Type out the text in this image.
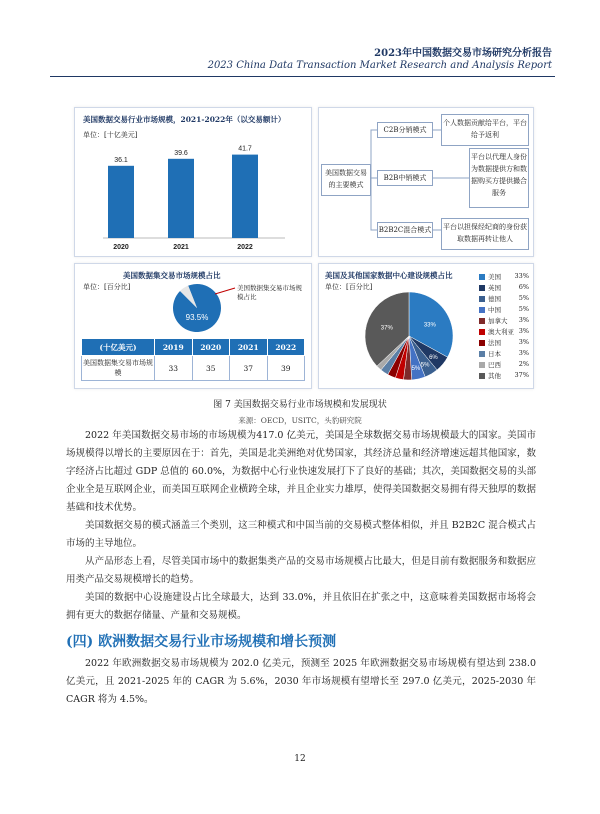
2023年中国数据交易市场研究分析报告
2023 China Data Transaction Market Research and Analysis Report
美国数据交易行业市场规模，2021-2022年（以交易额计）
单位：[十亿美元]
36.1
2020
39.6
2021
41.7
2022
美国数据交易的主要模式
C2B分销模式
个人数据贡献给平台，平台给予返利
B2B中销模式
平台以代理人身份为数据提供方和数据购买方提供撮合服务
B2B2C混合模式 平台以担保经纪商的身份获取数据再转让他人
美国数据集交易市场规模占比
单位：[百分比]
93.5%
美国数据集交易市场规模占比
(十亿美元)	2019	2020	2021	2022
美国数据集交易市场规模	33	35	37	39
美国及其他国家数据中心建设规模占比
单位：[百分比]
33%
6%
5%
5%
37%
美国 33%
英国	6%
德国	5%
中国	5%
加拿大 3%
澳大利亚 3%
法国	3%
日本	3%
巴西	2%
其他 37%
图 7 美国数据交易行业市场规模和发展现状
来源：OECD，USITC，头豹研究院

2022 年美国数据交易市场的市场规模为417.0 亿美元，美国是全球数据交易市场规模最大的国家。美国市场规模得以增长的主要原因在于：首先，美国是北美洲绝对优势国家，其经济总量和经济增速远超其他国家，数字经济占比超过 GDP 总值的 60.0%，为数据中心行业快速发展打下了良好的基础；其次，美国数据交易的头部企业全是互联网企业，而美国互联网企业横跨全球，并且企业实力雄厚，使得美国数据交易拥有得天独厚的数据基础和技术优势。

美国数据交易的模式涵盖三个类别，这三种模式和中国当前的交易模式整体相似，并且 B2B2C 混合模式占市场的主导地位。

从产品形态上看，尽管美国市场中的数据集类产品的交易市场规模占比最大，但是目前有数据服务和数据应用类产品交易规模增长的趋势。

美国的数据中心设施建设占比全球最大，达到 33.0%，并且依旧在扩张之中，这意味着美国数据市场将会拥有更大的数据存储量、产量和交易规模。

(四) 欧洲数据交易行业市场规模和增长预测

2022 年欧洲数据交易市场规模为 202.0 亿美元，预测至 2025 年欧洲数据交易市场规模有望达到 238.0 亿美元，且 2021-2025 年的 CAGR 为 5.6%，2030 年市场规模有望增长至 297.0 亿美元，2025-2030 年 CAGR 将为 4.5%。

12
